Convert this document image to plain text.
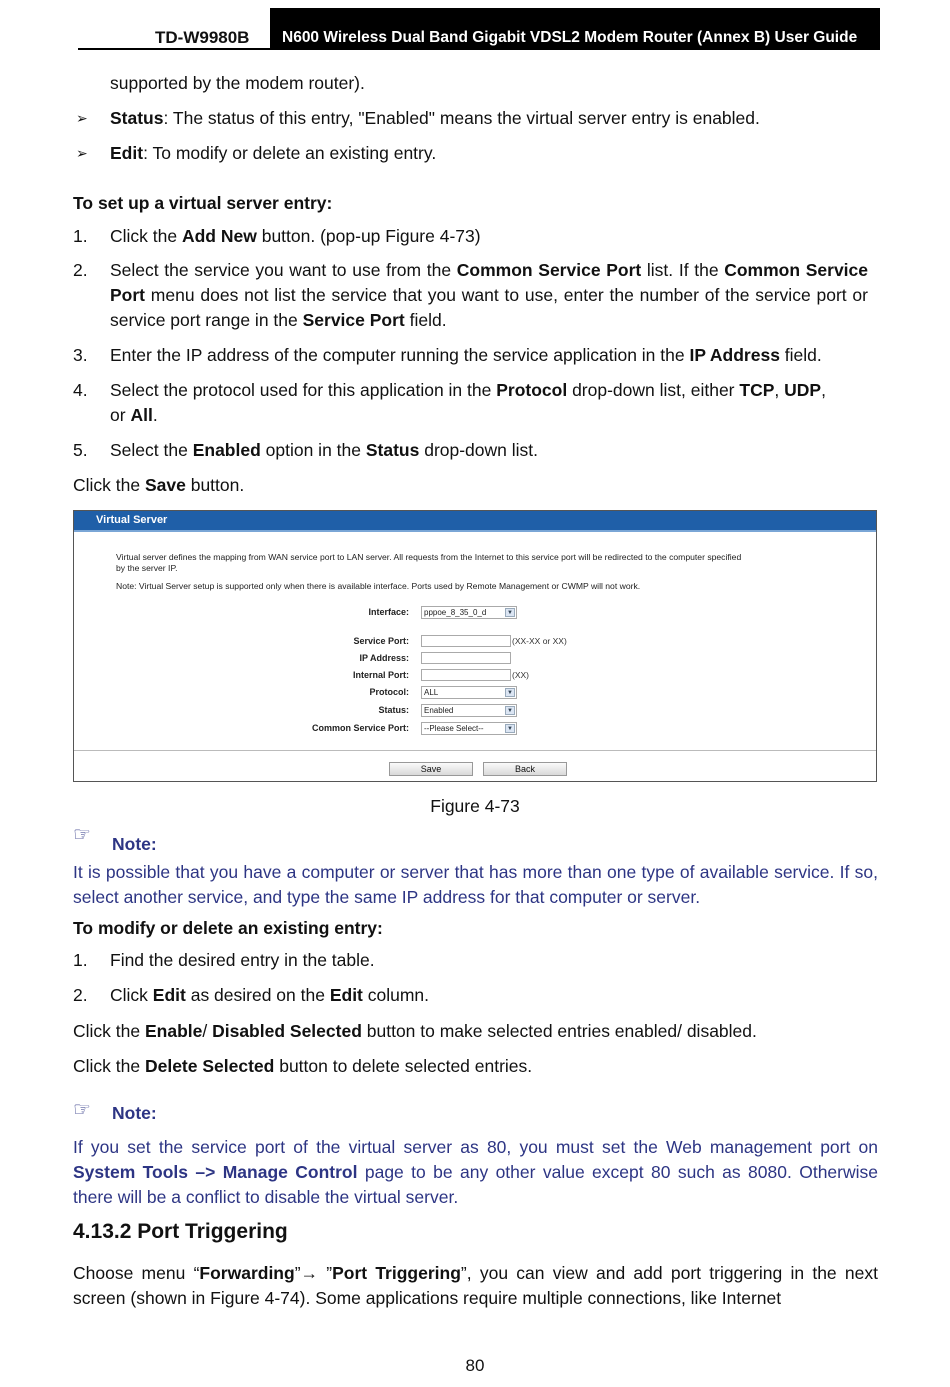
TD-W9980B	N600 Wireless Dual Band Gigabit VDSL2 Modem Router (Annex B) User Guide
supported by the modem router).
➢ Status: The status of this entry, "Enabled" means the virtual server entry is enabled.
➢ Edit: To modify or delete an existing entry.
To set up a virtual server entry:
1. Click the Add New button. (pop-up Figure 4-73)
2. Select the service you want to use from the Common Service Port list. If the Common Service Port menu does not list the service that you want to use, enter the number of the service port or service port range in the Service Port field.
3. Enter the IP address of the computer running the service application in the IP Address field.
4. Select the protocol used for this application in the Protocol drop-down list, either TCP, UDP,
or All.
5. Select the Enabled option in the Status drop-down list.
Click the Save button.
Virtual Server
Virtual server defines the mapping from WAN service port to LAN server. All requests from the Internet to this service port will be redirected to the computer specified
by the server IP.
Note: Virtual Server setup is supported only when there is available interface. Ports used by Remote Management or CWMP will not work.
Interface:	pppoe_8_35_0_d	▼
Service Port:	(XX-XX or XX)
IP Address:
Internal Port:	(XX)
Protocol:	ALL	▼
Status:	Enabled	▼
Common Service Port:	--Please Select--	▼
Save	Back
Figure 4-73
☞ Note:
It is possible that you have a computer or server that has more than one type of available service. If so, select another service, and type the same IP address for that computer or server.
To modify or delete an existing entry:
1. Find the desired entry in the table.
2. Click Edit as desired on the Edit column.
Click the Enable/ Disabled Selected button to make selected entries enabled/ disabled.
Click the Delete Selected button to delete selected entries.
☞ Note:
If you set the service port of the virtual server as 80, you must set the Web management port on System Tools –> Manage Control page to be any other value except 80 such as 8080. Otherwise there will be a conflict to disable the virtual server.
4.13.2 Port Triggering
Choose menu “Forwarding”→ ”Port Triggering”, you can view and add port triggering in the next screen (shown in Figure 4-74). Some applications require multiple connections, like Internet
80
